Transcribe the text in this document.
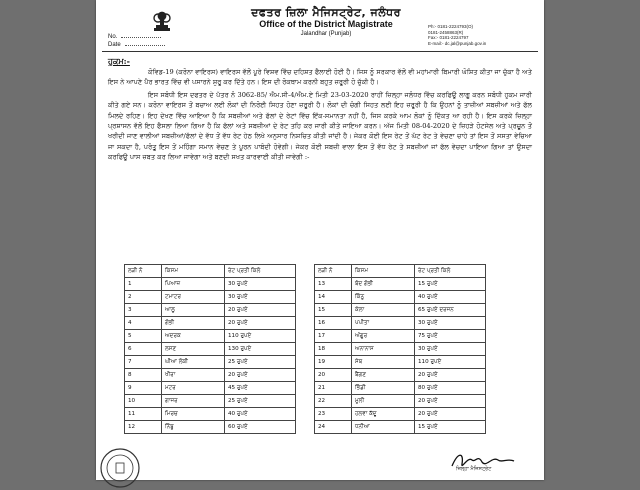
ਦਫਤਰ ਜ਼ਿਲਾ ਮੈਜਿਸਟ੍ਰੇਟ, ਜਲੰਧਰ
Office of the District Magistrate
Jalandhar (Punjab)
Ph:- 0181-2224793(O)
0181-2458863(R)
Fax:- 0181-2224797
E-mail:- dc.jal@punjab.gov.in
No.
Date
ਹੁਕਮ:-

ਕੋਵਿਡ-19 (ਕਰੋਨਾ ਵਾਇਰਸ) ਵਾਇਰਸ ਵੱਲੋਂ ਪੂਰੇ ਵਿਸ਼ਵ ਵਿੱਚ ਦਹਿਸ਼ਤ ਫੈਲਾਈ ਹੋਈ ਹੈ। ਜਿਸ ਨੂੰ ਸਰਕਾਰ ਵੱਲੋਂ ਵੀ ਮਹਾਂਮਾਰੀ ਬਿਮਾਰੀ ਘੋਸ਼ਿਤ ਕੀਤਾ ਜਾ ਚੁੱਕਾ ਹੈ ਅਤੇ ਇਸ ਨੇ ਆਪਣੇ ਪੈਰ ਭਾਰਤ ਵਿੱਚ ਵੀ ਪਸਾਰਨੇ ਸ਼ੁਰੂ ਕਰ ਦਿੱਤੇ ਹਨ। ਇਸ ਦੀ ਰੋਕਥਾਮ ਕਰਨੀ ਬਹੁਤ ਜ਼ਰੂਰੀ ਹੋ ਚੁੱਕੀ ਹੈ।

ਇਸ ਸਬੰਧੀ ਇਸ ਦਫਤਰ ਦੇ ਪੱਤਰ ਨੰ 3062-85/ ਐਮ.ਸੀ-4/ਐਮ.ਏ ਮਿਤੀ 23-03-2020 ਰਾਹੀਂ ਜ਼ਿਲ੍ਹਾ ਜਲੰਧਰ ਵਿੱਚ ਕਰਫਿਊ ਲਾਗੂ ਕਰਨ ਸਬੰਧੀ ਹੁਕਮ ਜਾਰੀ ਕੀਤੇ ਗਏ ਸਨ। ਕਰੋਨਾ ਵਾਇਰਸ ਤੋਂ ਬਚਾਅ ਲਈ ਲੋਕਾਂ ਦੀ ਨਿਰੋਈ ਸਿਹਤ ਹੋਣਾ ਜ਼ਰੂਰੀ ਹੈ। ਲੋਕਾਂ ਦੀ ਚੰਗੀ ਸਿਹਤ ਲਈ ਇਹ ਜ਼ਰੂਰੀ ਹੈ ਕਿ ਉਹਨਾਂ ਨੂੰ ਤਾਜ਼ੀਆਂ ਸਬਜ਼ੀਆਂ ਅਤੇ ਫੱਲ ਮਿਲਦੇ ਰਹਿਣ। ਇਹ ਦੇਖਣ ਵਿੱਚ ਆਇਆ ਹੈ ਕਿ ਸਬਜ਼ੀਆਂ ਅਤੇ ਫੱਲਾਂ ਦੇ ਰੇਟਾਂ ਵਿੱਚ ਇੱਕ-ਸਮਾਨਤਾ ਨਹੀਂ ਹੈ, ਜਿਸ ਕਰਕੇ ਆਮ ਲੋਕਾਂ ਨੂੰ ਦਿੱਕਤ ਆ ਰਹੀ ਹੈ। ਇਸ ਕਰਕੇ ਜ਼ਿਲ੍ਹਾ ਪ੍ਰਸ਼ਾਸਨ ਵੱਲੋਂ ਇਹ ਫੈਸਲਾ ਲਿਆ ਗਿਆ ਹੈ ਕਿ ਫੱਲਾਂ ਅਤੇ ਸਬਜ਼ੀਆਂ ਦੇ ਰੇਟ ਤਹਿ ਕਰ ਜਾਰੀ ਕੀਤੇ ਜਾਇਆ ਕਰਨ। ਅੱਜ ਮਿਤੀ 08-04-2020 ਦੇ ਜ਼ਿਹੜੇ ਹੋਟਸੇਲ ਅਤੇ ਪ੍ਰਚੂਨ ਤੋਂ ਖਰੀਦੀ ਜਾਣ ਵਾਲੀਆਂ ਸਬਜ਼ੀਆਂ/ਫੱਲਾਂ ਦੇ ਵੱਧ ਤੋਂ ਵੱਧ ਰੇਟ ਹੇਠ ਲਿਖੇ ਅਨੁਸਾਰ ਨਿਸ਼ਚਿਤ ਕੀਤੀ ਜਾਂਦੀ ਹੈ। ਜੇਕਰ ਕੋਈ ਇਸ ਰੇਟ ਤੋਂ ਘੱਟ ਰੇਟ ਤੇ ਵੇਚਣਾ ਚਾਹੇ ਤਾਂ ਇਸ ਤੋਂ ਸਸਤਾ ਵੇਚਿਆ ਜਾ ਸਕਦਾ ਹੈ, ਪਰੰਤੂ ਇਸ ਤੋਂ ਮਹਿੰਗਾ ਸਮਾਨ ਵੇਚਣ ਤੇ ਪੂਰਨ ਪਾਬੰਦੀ ਹੋਵੇਗੀ। ਜੇਕਰ ਕੋਈ ਸਬਜ਼ੀ ਵਾਲਾ ਇਸ ਤੋਂ ਵੱਧ ਰੇਟ ਤੇ ਸਬਜ਼ੀਆਂ ਜਾਂ ਫੱਲ ਵੇਚਦਾ ਪਾਇਆ ਗਿਆ ਤਾਂ ਉਸਦਾ ਕਰਫਿਊ ਪਾਸ ਜ਼ਬਤ ਕਰ ਲਿਆ ਜਾਵੇਗਾ ਅਤੇ ਬਣਦੀ ਸਖਤ ਕਾਰਵਾਈ ਕੀਤੀ ਜਾਵੇਗੀ :-

ਲੜੀ ਨੰ	ਕਿਸਮ	ਰੇਟ ਪ੍ਰਤੀ ਕਿਲੋ
1	ਪਿਆਜ਼	30 ਰੁਪਏ
2	ਟਮਾਟਰ	30 ਰੁਪਏ
3	ਆਲੂ	20 ਰੁਪਏ
4	ਗੋਭੀ	20 ਰੁਪਏ
5	ਅਦਰਕ	110 ਰੁਪਏ
6	ਲਸਣ	130 ਰੁਪਏ
7	ਘੀਆ ਲੋਕੀ	25 ਰੁਪਏ
8	ਖੀਰਾ	20 ਰੁਪਏ
9	ਮਟਰ	45 ਰੁਪਏ
10	ਗਾਜਰ	25 ਰੁਪਏ
11	ਮਿਰਚ	40 ਰੁਪਏ
12	ਨਿੰਬੂ	60 ਰੁਪਏ
ਲੜੀ ਨੰ	ਕਿਸਮ	ਰੇਟ ਪ੍ਰਤੀ ਕਿਲੋ
13	ਬੰਦ ਗੋਭੀ	15 ਰੁਪਏ
14	ਕਿੰਨੂ	40 ਰੁਪਏ
15	ਕੇਲਾ	65 ਰੁਪਏ ਦਰਜਨ
16	ਪਪੀਤਾ	30 ਰੁਪਏ
17	ਅੰਗੂਰ	75 ਰੁਪਏ
18	ਅਨਾਨਾਸ	30 ਰੁਪਏ
19	ਸੇਬ	110 ਰੁਪਏ
20	ਬੈਂਗਣ	20 ਰੁਪਏ
21	ਭਿੰਡੀ	80 ਰੁਪਏ
22	ਮੂਲੀ	20 ਰੁਪਏ
23	ਹਲਵਾ ਕੱਦੂ	20 ਰੁਪਏ
24	ਧਨੀਆ	15 ਰੁਪਏ
ਜ਼ਿਲ੍ਹਾ ਮੈਜਿਸਟ੍ਰੇਟ
